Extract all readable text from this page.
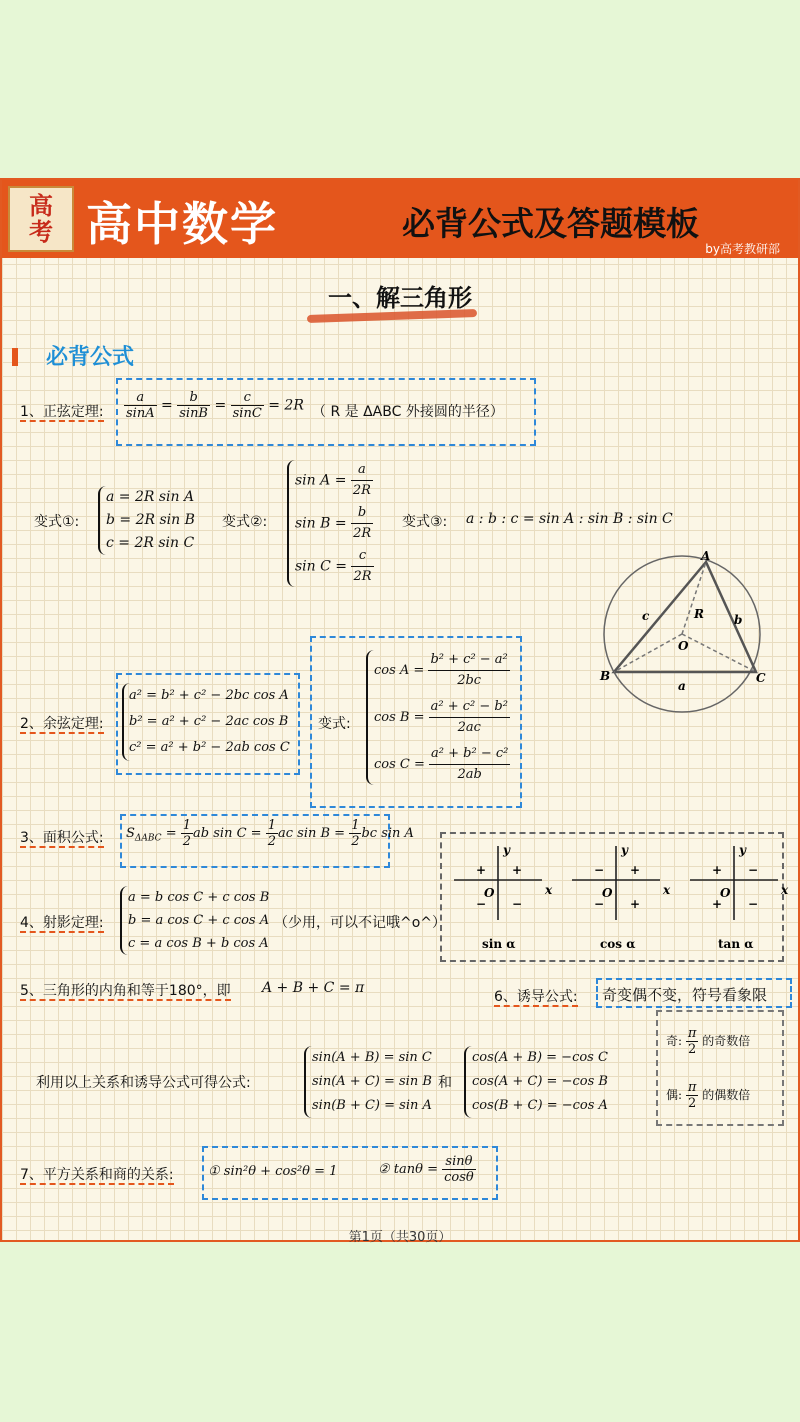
高
考 高中数学	必背公式及答题模板
by高考教研部
一、解三角形
必背公式
1、正弦定理: $\frac{a}{\sin A} = \frac{b}{\sin B} = \frac{c}{\sin C} = 2R$ （ R 是 ΔABC 外接圆的半径）
变式①:
a = 2R sin A
b = 2R sin B
c = 2R sin C
变式②:
$\sin A = \frac{a}{2R}$
$\sin B = \frac{b}{2R}$
$\sin C = \frac{c}{2R}$
变式③: a : b : c = sin A : sin B : sin C
A
B	C
O
R
a
b
c
2、余弦定理:
a² = b² + c² − 2bc cos A
b² = a² + c² − 2ac cos B
c² = a² + b² − 2ab cos C
变式:
$\cos A = \frac{\text{b² + c² − a²}}{2bc}$
$\cos B = \frac{\text{a² + c² − b²}}{2ac}$
$\cos C = \frac{\text{a² + b² − c²}}{2ab}$
3、面积公式: $S_{\Delta ABC} = \frac{1}{2}$ ab $\sin C = \frac{1}{2}$ ac $\sin B = \frac{1}{2}$ bc sin A
x
y
O
+
+
− −
sin α
x
y
O
+
−
− +
cos α
x
y
O
−
+
+ −
tan α
4、射影定理:
a = b cos C + c cos B
b = a cos C + c cos A
c = a cos B + b cos A
（少用，可以不记哦^o^）
5、三角形的内角和等于180°，即 A + B + C = π
6、诱导公式: 奇变偶不变，符号看象限
奇: $\frac{\pi}{2}$ 的奇数倍
偶: $\frac{\pi}{2}$ 的偶数倍
利用以上关系和诱导公式可得公式:
sin(A + B) = sin C
sin(A + C) = sin B
sin(B + C) = sin A
和
cos(A + B) = −cos C
cos(A + C) = −cos B
cos(B + C) = −cos A
7、平方关系和商的关系:	① sin²θ + cos²θ = 1	② $\tan\theta = \frac{\sin\theta}{\cos\theta}$
第1页（共30页）
